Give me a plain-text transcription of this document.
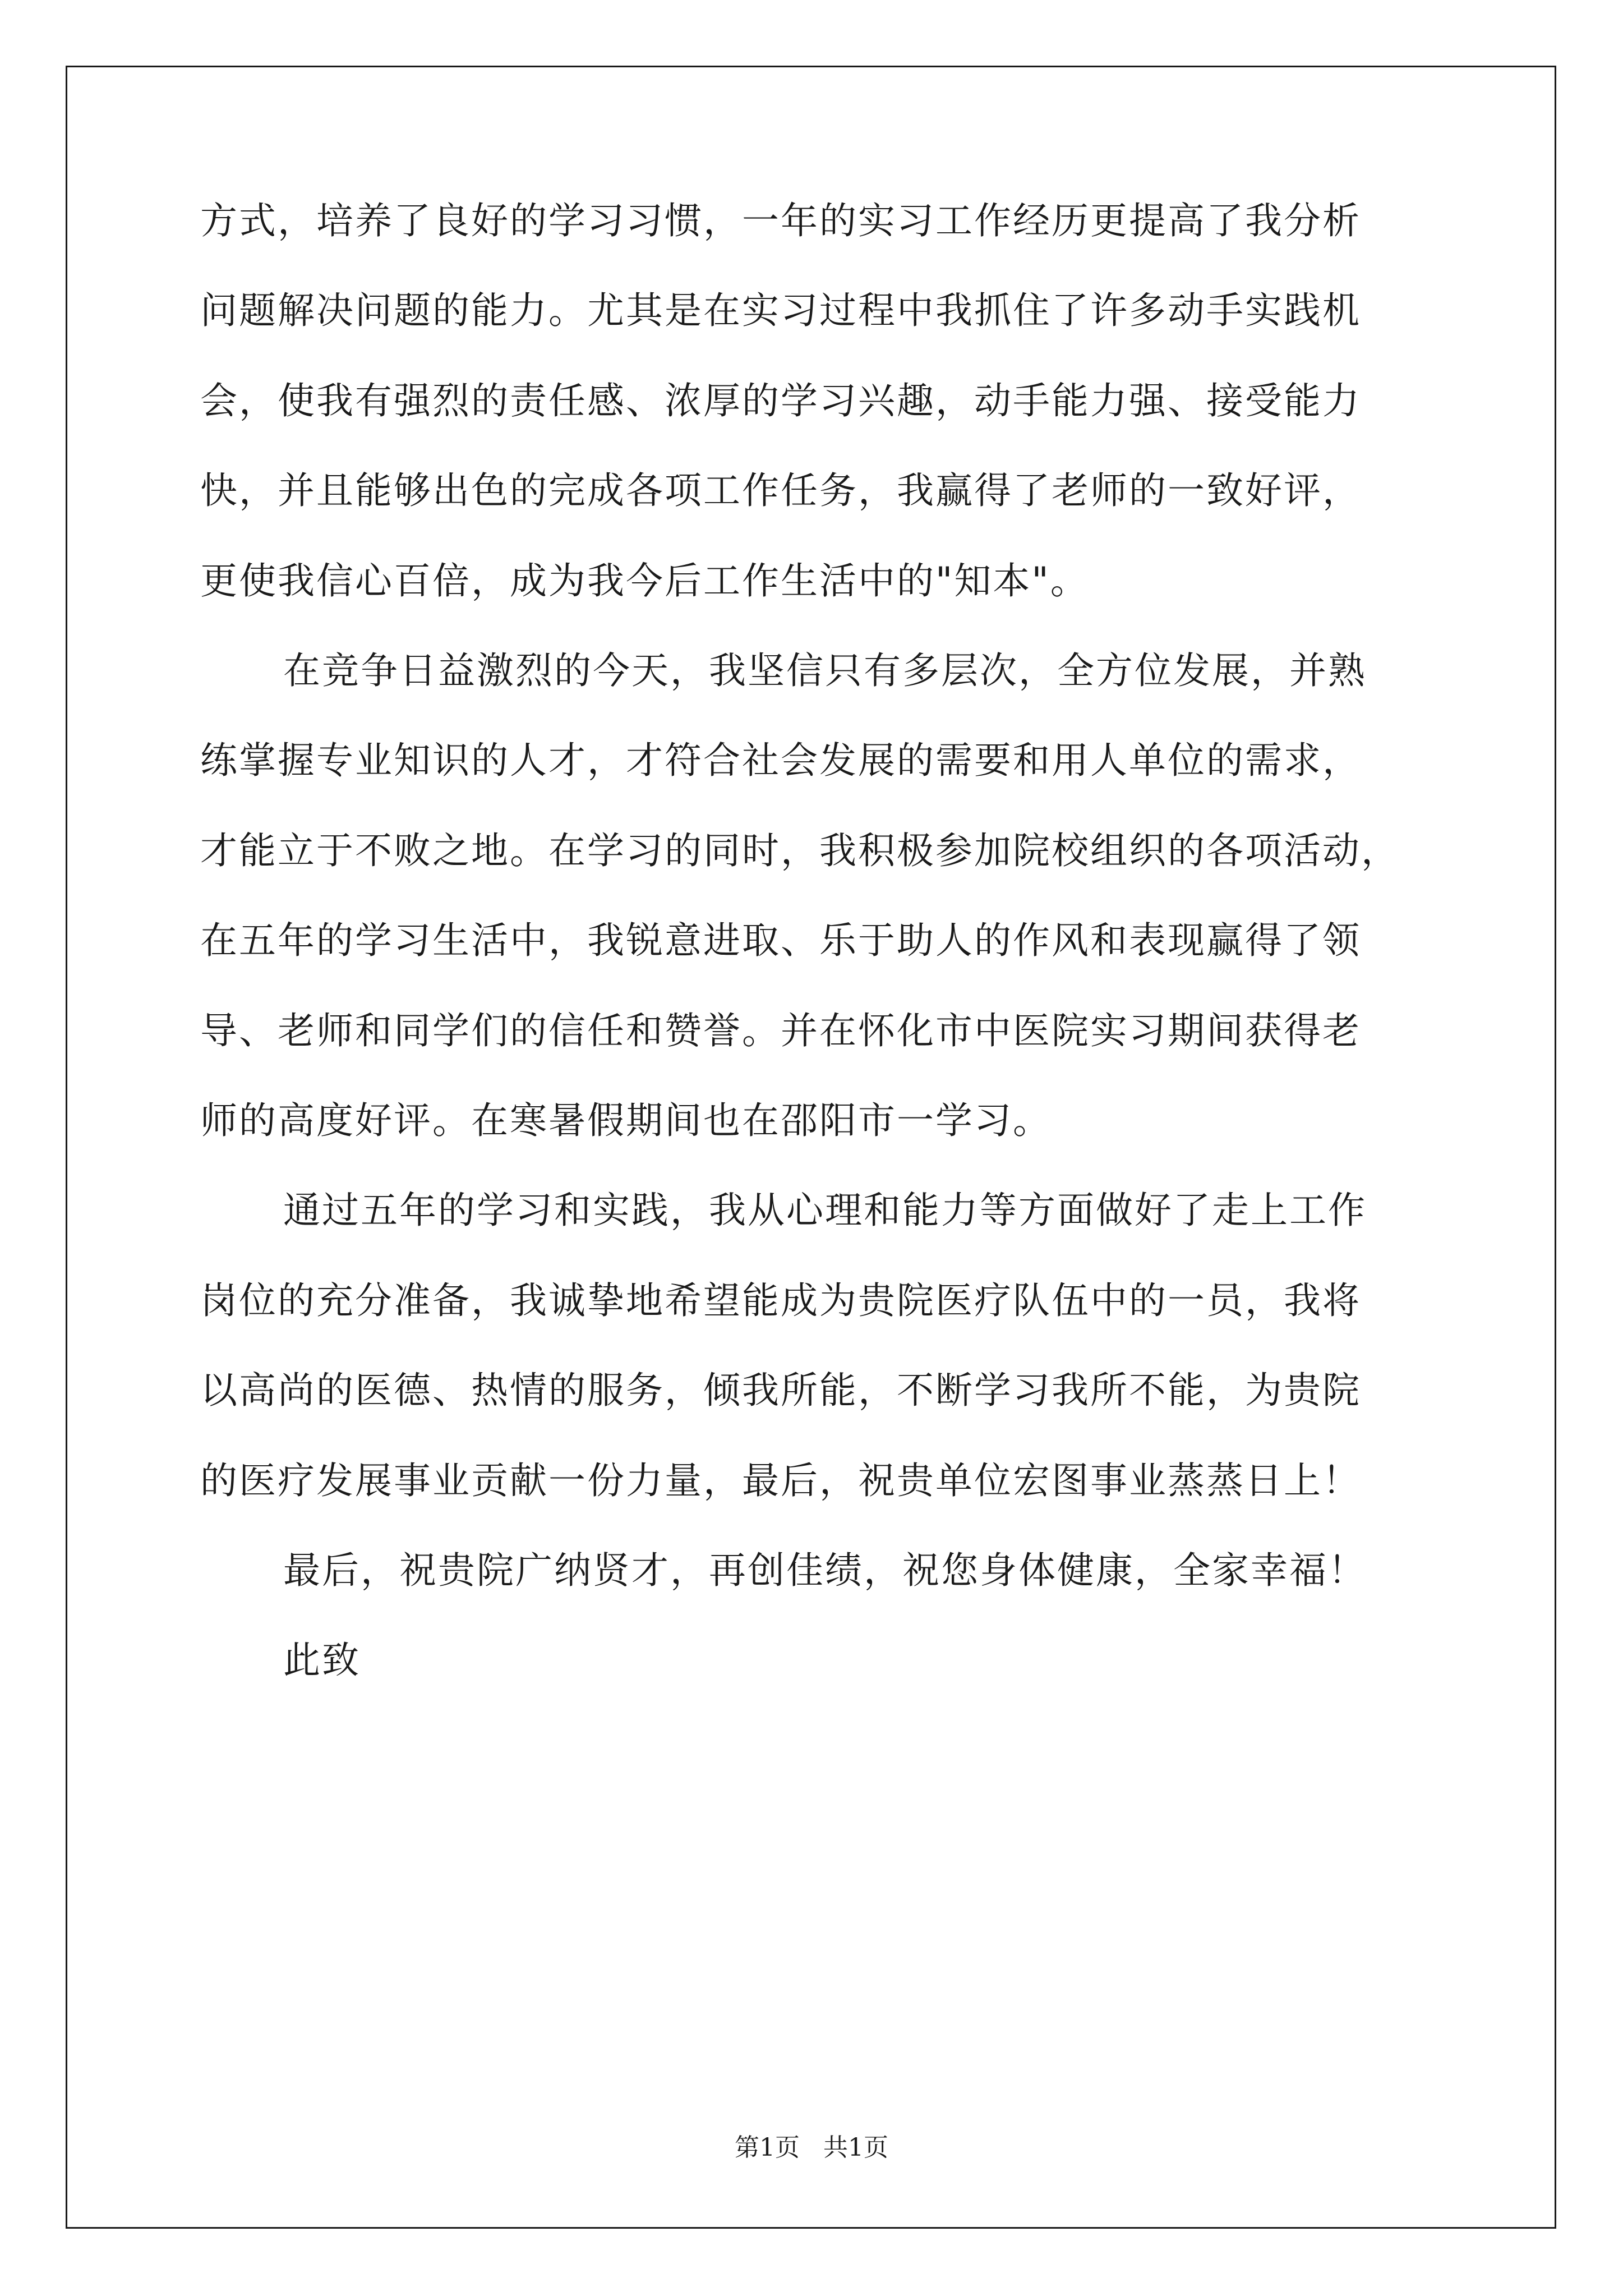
方式，培养了良好的学习习惯，一年的实习工作经历更提高了我分析
问题解决问题的能力。尤其是在实习过程中我抓住了许多动手实践机
会，使我有强烈的责任感、浓厚的学习兴趣，动手能力强、接受能力
快，并且能够出色的完成各项工作任务，我赢得了老师的一致好评，
更使我信心百倍，成为我今后工作生活中的"知本"。
在竞争日益激烈的今天，我坚信只有多层次，全方位发展，并熟
练掌握专业知识的人才，才符合社会发展的需要和用人单位的需求，
才能立于不败之地。在学习的同时，我积极参加院校组织的各项活动，
在五年的学习生活中，我锐意进取、乐于助人的作风和表现赢得了领
导、老师和同学们的信任和赞誉。并在怀化市中医院实习期间获得老
师的高度好评。在寒暑假期间也在邵阳市一学习。
通过五年的学习和实践，我从心理和能力等方面做好了走上工作
岗位的充分准备，我诚挚地希望能成为贵院医疗队伍中的一员，我将
以高尚的医德、热情的服务，倾我所能，不断学习我所不能，为贵院
的医疗发展事业贡献一份力量，最后，祝贵单位宏图事业蒸蒸日上！
最后，祝贵院广纳贤才，再创佳绩，祝您身体健康，全家幸福！
此致
第1页   共1页
